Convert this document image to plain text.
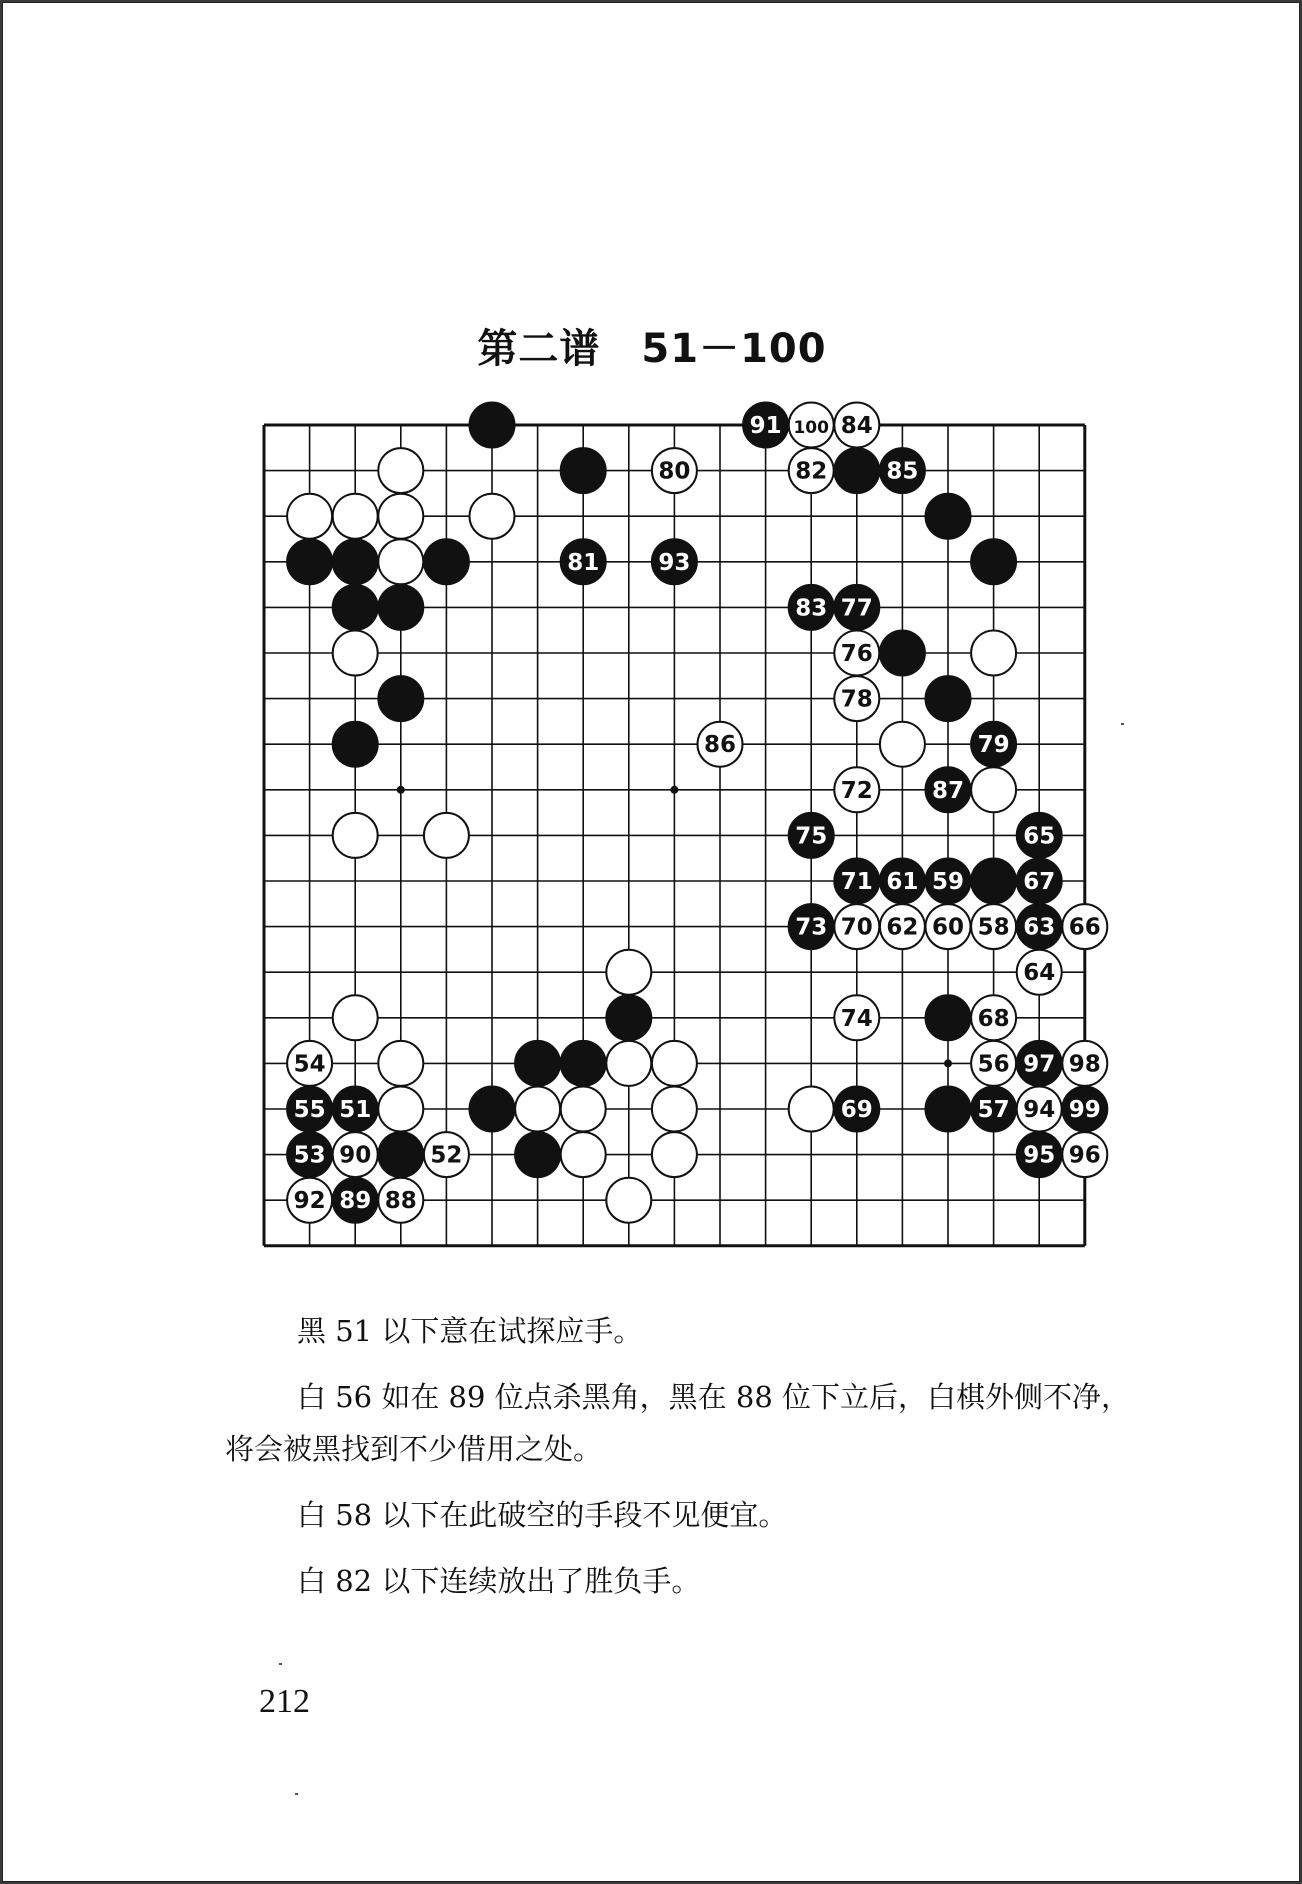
第二谱　51－100
91 100 84
80	82	85
81	93
83 77
76
78
86	79
72	87
75	65
71 61 59	67
73 70 62 60 58 63 66
64
74	68
54	56 97 98
55 51	69	57 94 99
53 90	52	95 96
92 89 88

黑 51 以下意在试探应手。

白 56 如在 89 位点杀黑角，黑在 88 位下立后，白棋外侧不净，将会被黑找到不少借用之处。

白 58 以下在此破空的手段不见便宜。

白 82 以下连续放出了胜负手。

212
